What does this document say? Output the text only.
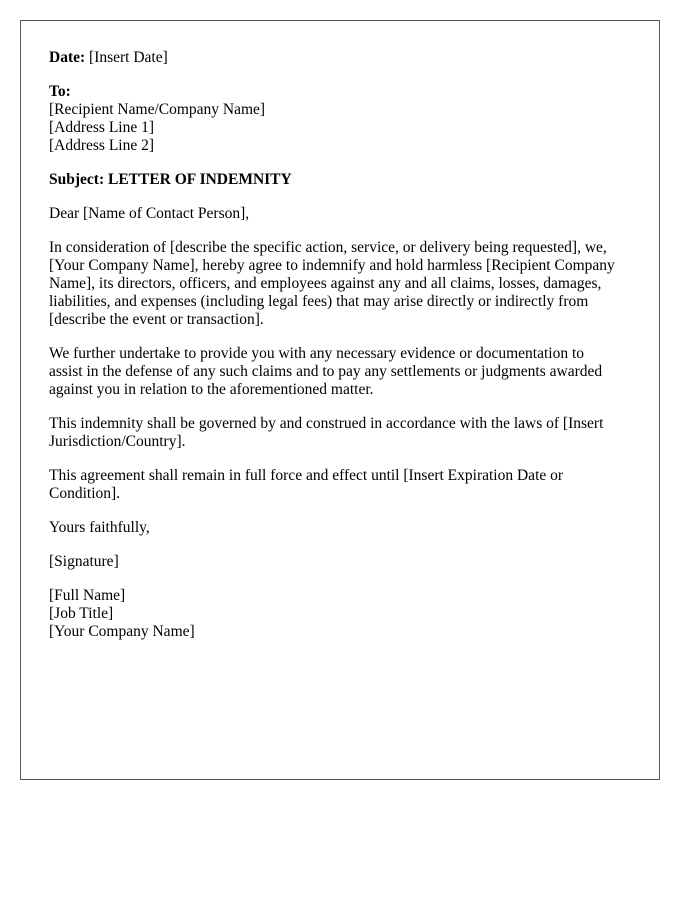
Date: [Insert Date]
To:
[Recipient Name/Company Name]
[Address Line 1]
[Address Line 2]
Subject: LETTER OF INDEMNITY
Dear [Name of Contact Person],
In consideration of [describe the specific action, service, or delivery being requested], we,
[Your Company Name], hereby agree to indemnify and hold harmless [Recipient Company
Name], its directors, officers, and employees against any and all claims, losses, damages,
liabilities, and expenses (including legal fees) that may arise directly or indirectly from
[describe the event or transaction].
We further undertake to provide you with any necessary evidence or documentation to
assist in the defense of any such claims and to pay any settlements or judgments awarded
against you in relation to the aforementioned matter.
This indemnity shall be governed by and construed in accordance with the laws of [Insert
Jurisdiction/Country].
This agreement shall remain in full force and effect until [Insert Expiration Date or
Condition].
Yours faithfully,
[Signature]
[Full Name]
[Job Title]
[Your Company Name]
